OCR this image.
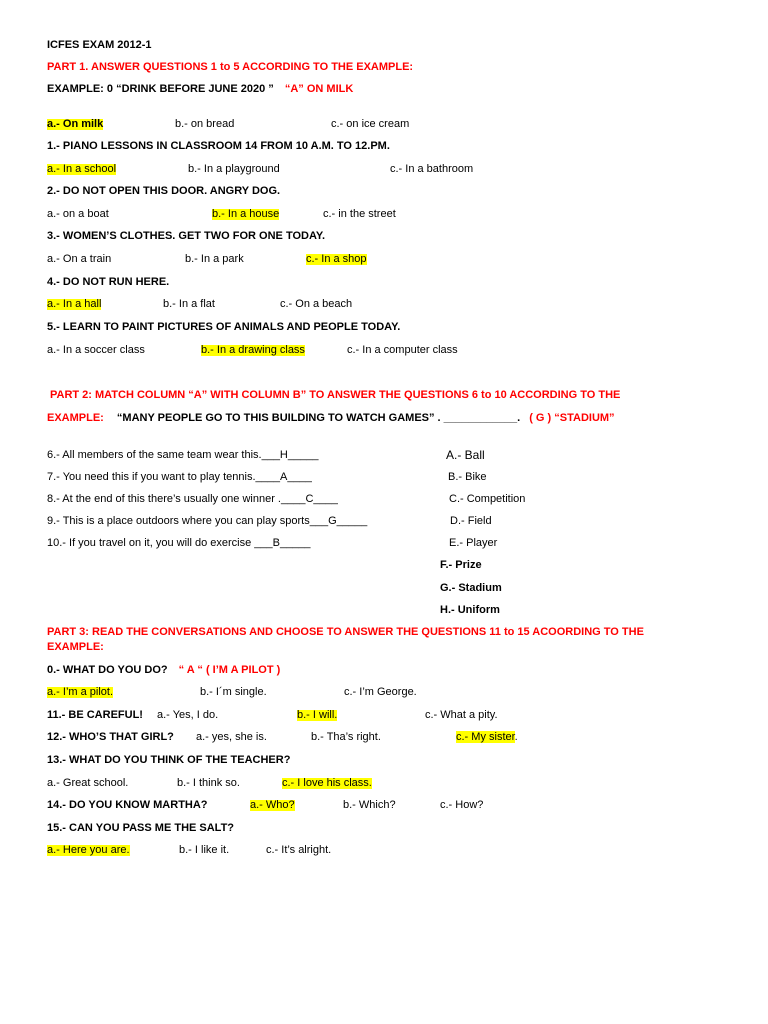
ICFES EXAM 2012-1
PART 1. ANSWER QUESTIONS 1 to 5 ACCORDING TO THE EXAMPLE:
EXAMPLE: 0 “DRINK BEFORE JUNE 2020 ” “A” ON MILK
a.- On milk	b.- on bread	c.- on ice cream
1.- PIANO LESSONS IN CLASSROOM 14 FROM 10 A.M. TO 12.PM.
a.- In a school	b.- In a playground	c.- In a bathroom
2.- DO NOT OPEN THIS DOOR. ANGRY DOG.
a.- on a boat	b.- In a house	c.- in the street
3.- WOMEN’S CLOTHES. GET TWO FOR ONE TODAY.
a.- On a train	b.- In a park	c.- In a shop
4.- DO NOT RUN HERE.
a.- In a hall	b.- In a flat	c.- On a beach
5.- LEARN TO PAINT PICTURES OF ANIMALS AND PEOPLE TODAY.
a.- In a soccer class	b.- In a drawing class	c.- In a computer class
PART 2: MATCH COLUMN “A” WITH COLUMN B” TO ANSWER THE QUESTIONS 6 to 10 ACCORDING TO THE
EXAMPLE: “MANY PEOPLE GO TO THIS BUILDING TO WATCH GAMES” . ____________. ( G ) “STADIUM”
6.- All members of the same team wear this.___H_____
7.- You need this if you want to play tennis.____A____
8.- At the end of this there’s usually one winner .____C____
9.- This is a place outdoors where you can play sports___G_____
10.- If you travel on it, you will do exercise ___B_____
A.- Ball
B.- Bike
C.- Competition
D.- Field
E.- Player
F.- Prize
G.- Stadium
H.- Uniform
PART 3: READ THE CONVERSATIONS AND CHOOSE TO ANSWER THE QUESTIONS 11 to 15 ACOORDING TO THE
EXAMPLE:
0.- WHAT DO YOU DO? “ A “ ( I’M A PILOT )
a.- I’m a pilot.	b.- I´m single.	c.- I’m George.
11.- BE CAREFUL! a.- Yes, I do.	b.- I will.	c.- What a pity.
12.- WHO’S THAT GIRL? a.- yes, she is.	b.- Tha’s right.	c.- My sister.
13.- WHAT DO YOU THINK OF THE TEACHER?
a.- Great school.	b.- I think so.	c.- I love his class.
14.- DO YOU KNOW MARTHA?	a.- Who?	b.- Which?	c.- How?
15.- CAN YOU PASS ME THE SALT?
a.- Here you are.	b.- I like it.	c.- It’s alright.
